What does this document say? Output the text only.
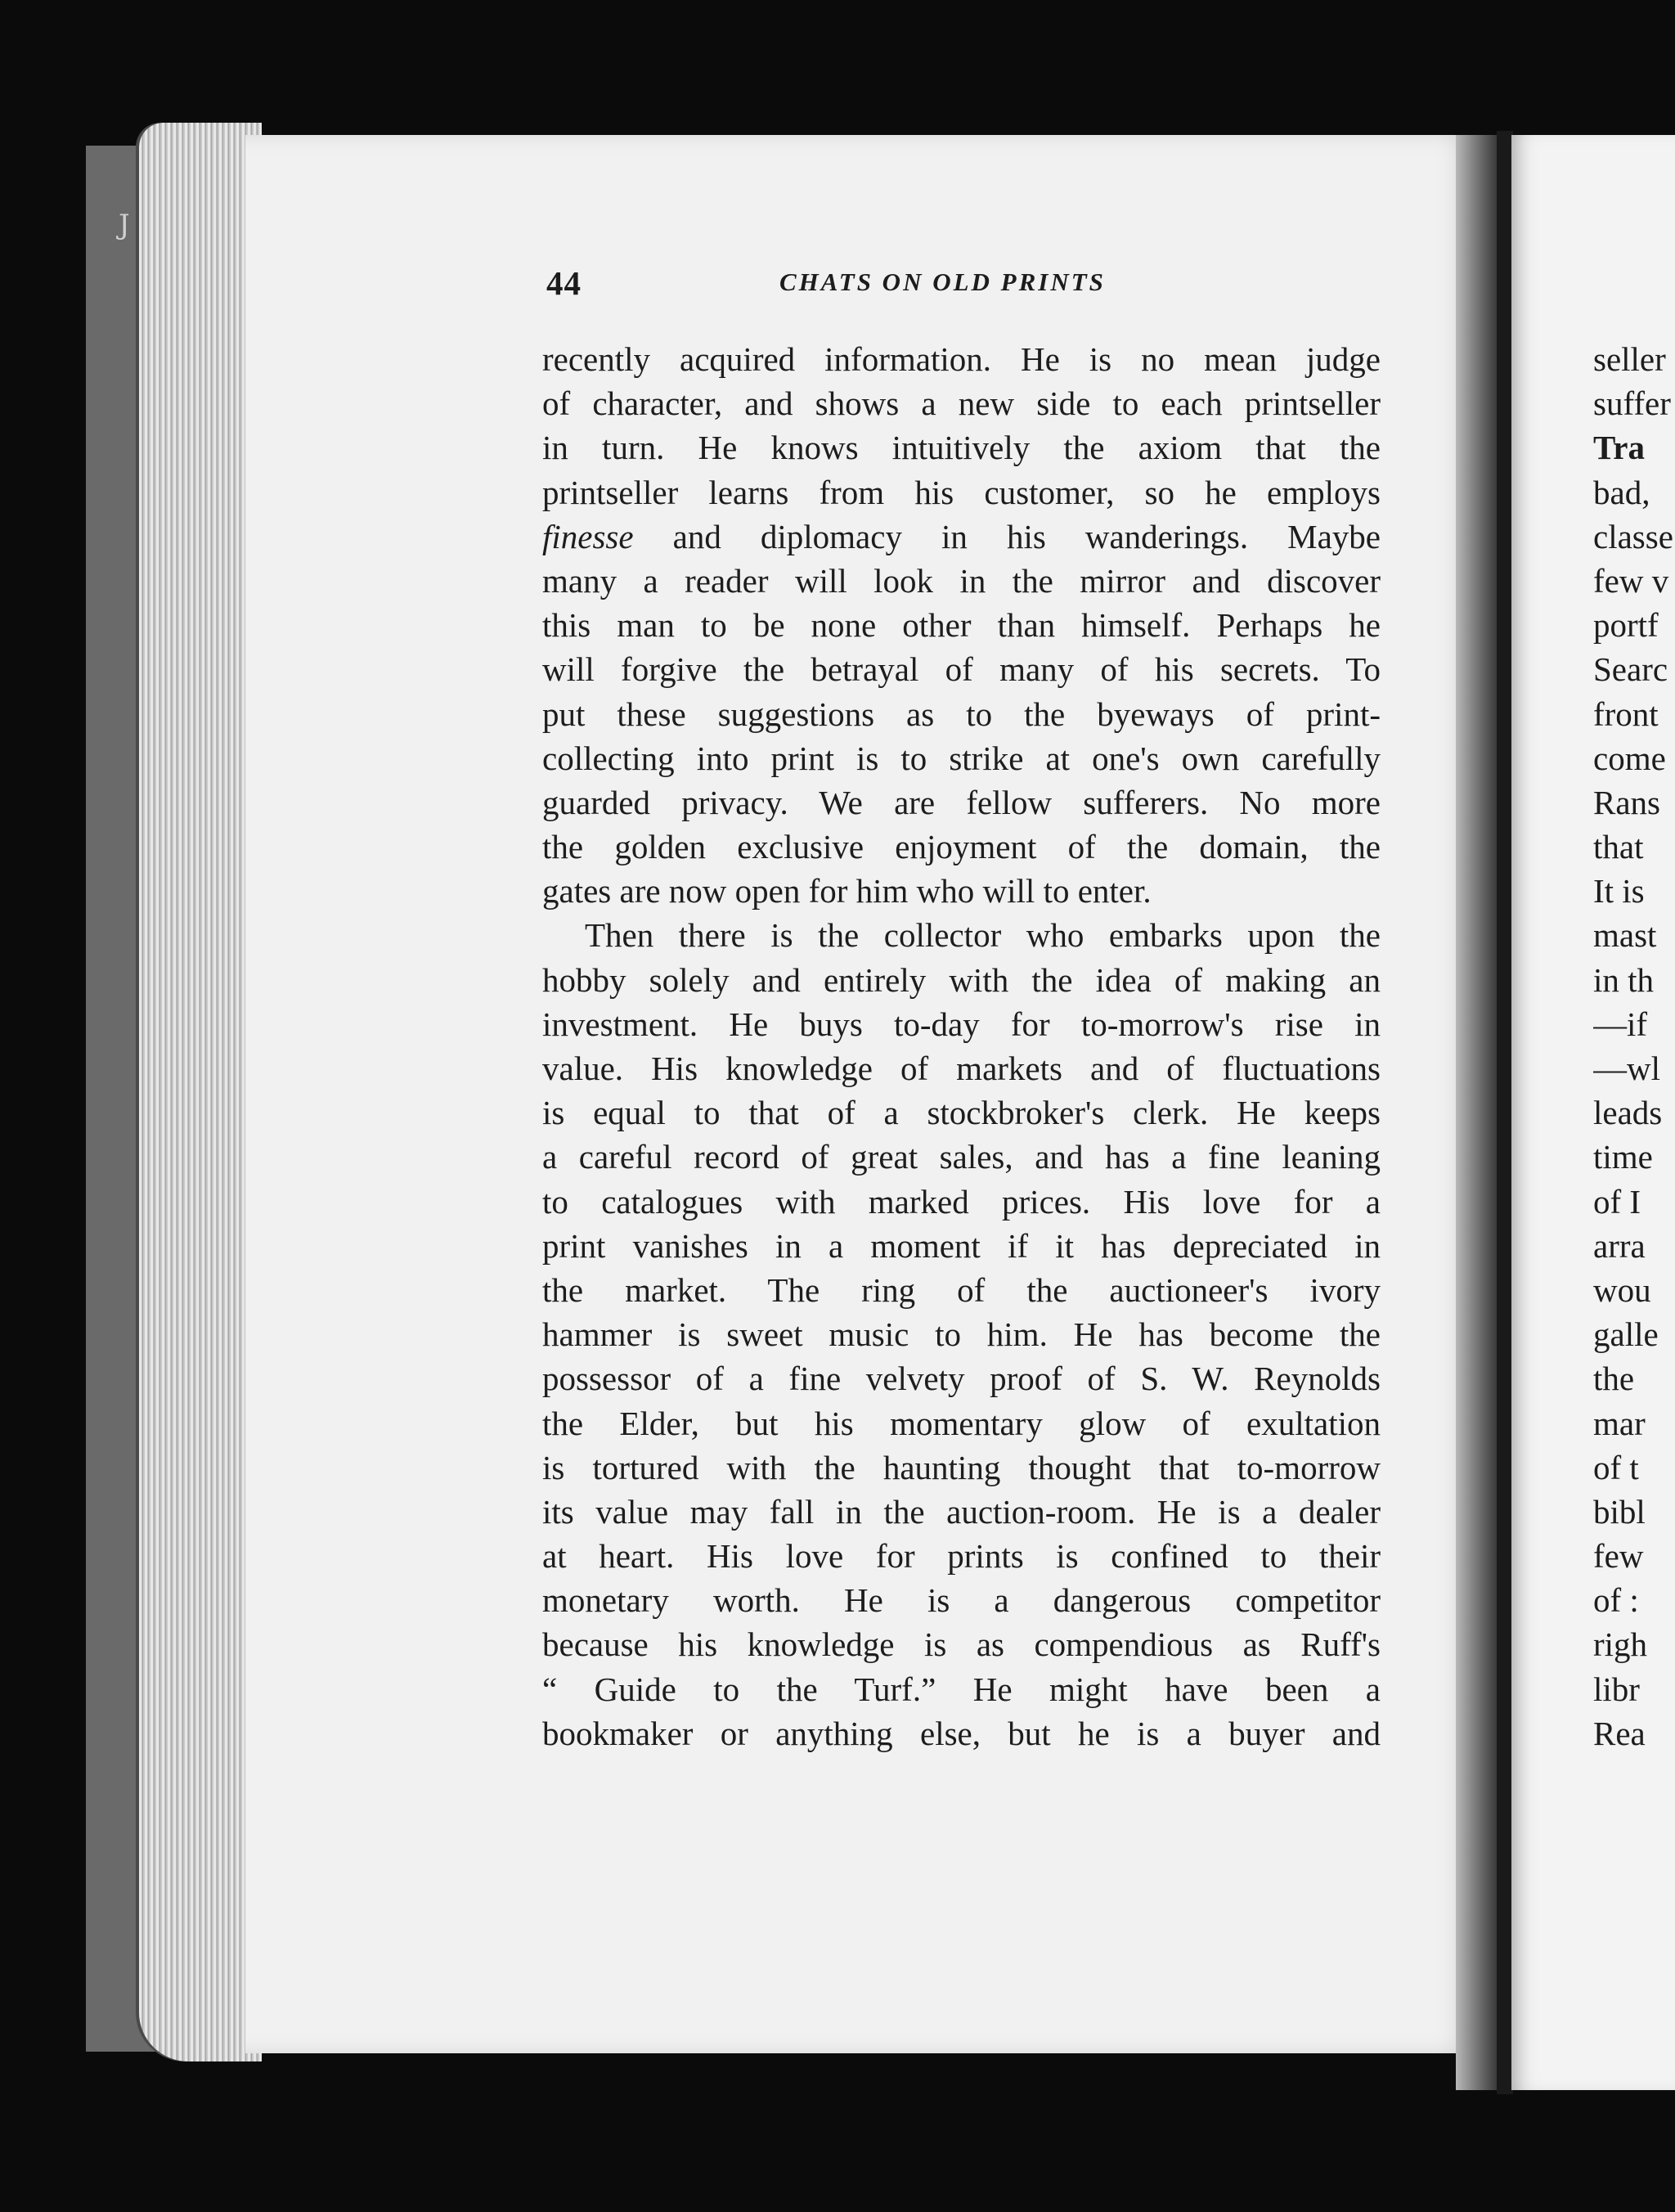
J
44	CHATS ON OLD PRINTS
recently acquired information. He is no mean judge
of character, and shows a new side to each printseller
in turn. He knows intuitively the axiom that the
printseller learns from his customer, so he employs
finesse and diplomacy in his wanderings. Maybe
many a reader will look in the mirror and discover
this man to be none other than himself. Perhaps he
will forgive the betrayal of many of his secrets. To
put these suggestions as to the byeways of print-
collecting into print is to strike at one's own carefully
guarded privacy. We are fellow sufferers. No more
the golden exclusive enjoyment of the domain, the
gates are now open for him who will to enter.
Then there is the collector who embarks upon the
hobby solely and entirely with the idea of making an
investment. He buys to-day for to-morrow's rise in
value. His knowledge of markets and of fluctuations
is equal to that of a stockbroker's clerk. He keeps
a careful record of great sales, and has a fine leaning
to catalogues with marked prices. His love for a
print vanishes in a moment if it has depreciated in
the market. The ring of the auctioneer's ivory
hammer is sweet music to him. He has become the
possessor of a fine velvety proof of S. W. Reynolds
the Elder, but his momentary glow of exultation
is tortured with the haunting thought that to-morrow
its value may fall in the auction-room. He is a dealer
at heart. His love for prints is confined to their
monetary worth. He is a dangerous competitor
because his knowledge is as compendious as Ruff's
“ Guide to the Turf.” He might have been a
bookmaker or anything else, but he is a buyer and
seller
suffer
Tra
bad,
classe
few v
portf
Searc
front
come
Rans
that
It is
mast
in th
—if
—wl
leads
time
of I
arra
wou
galle
the
mar
of t
bibl
few
of :
righ
libr
Rea
